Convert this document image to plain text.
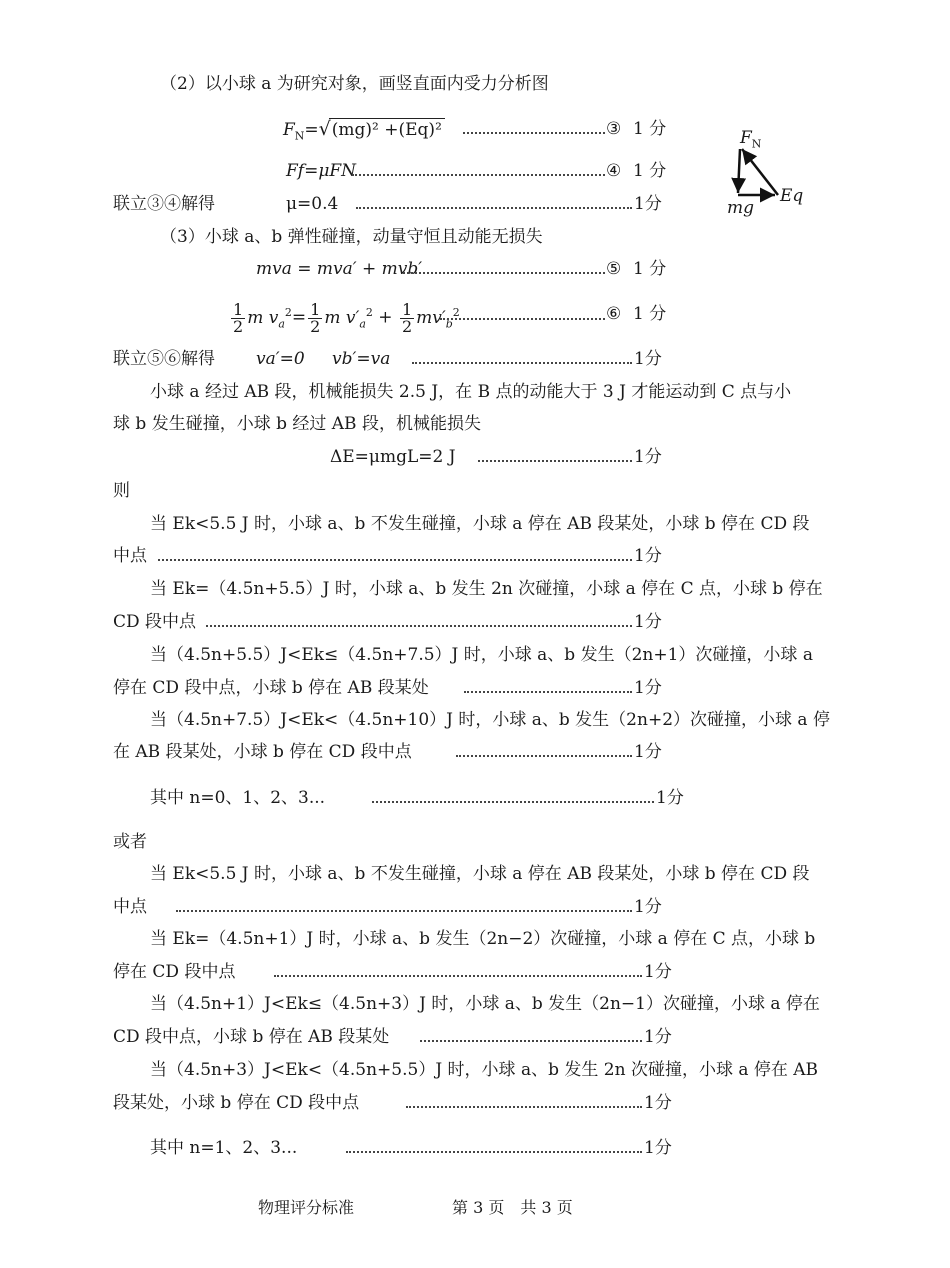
（2）以小球 a 为研究对象，画竖直面内受力分析图
$F_N=√(mg)^2 +(Eq)^2$	③ 1 分
Ff=μFN	④ 1 分
联立③④解得	μ=0.4	1分
$F_N$
Eq
mg
（3）小球 a、b 弹性碰撞，动量守恒且动能无损失
mva = mva′ + mvb′	⑤ 1 分
$\frac{1}{2}$ m $v_a^2= \frac{1}{2}$ m $v'_a^2 + \frac{1}{2} mv'_b^2$	⑥ 1 分
联立⑤⑥解得 va′=0 vb′=va	1分
小球 a 经过 AB 段，机械能损失 2.5 J，在 B 点的动能大于 3 J 才能运动到 C 点与小
球 b 发生碰撞，小球 b 经过 AB 段，机械能损失
ΔE=μmgL=2 J	1分
则
当 Ek<5.5 J 时，小球 a、b 不发生碰撞，小球 a 停在 AB 段某处，小球 b 停在 CD 段
中点	1分
当 Ek=（4.5n+5.5）J 时，小球 a、b 发生 2n 次碰撞，小球 a 停在 C 点，小球 b 停在
CD 段中点	1分
当（4.5n+5.5）J<Ek≤（4.5n+7.5）J 时，小球 a、b 发生（2n+1）次碰撞，小球 a
停在 CD 段中点，小球 b 停在 AB 段某处	1分
当（4.5n+7.5）J<Ek<（4.5n+10）J 时，小球 a、b 发生（2n+2）次碰撞，小球 a 停
在 AB 段某处，小球 b 停在 CD 段中点	1分
其中 n=0、1、2、3...	1分
或者
当 Ek<5.5 J 时，小球 a、b 不发生碰撞，小球 a 停在 AB 段某处，小球 b 停在 CD 段
中点	1分
当 Ek=（4.5n+1）J 时，小球 a、b 发生（2n−2）次碰撞，小球 a 停在 C 点，小球 b
停在 CD 段中点	1分
当（4.5n+1）J<Ek≤（4.5n+3）J 时，小球 a、b 发生（2n−1）次碰撞，小球 a 停在
CD 段中点，小球 b 停在 AB 段某处	1分
当（4.5n+3）J<Ek<（4.5n+5.5）J 时，小球 a、b 发生 2n 次碰撞，小球 a 停在 AB
段某处，小球 b 停在 CD 段中点	1分
其中 n=1、2、3...	1分
物理评分标准	第 3 页　共 3 页
